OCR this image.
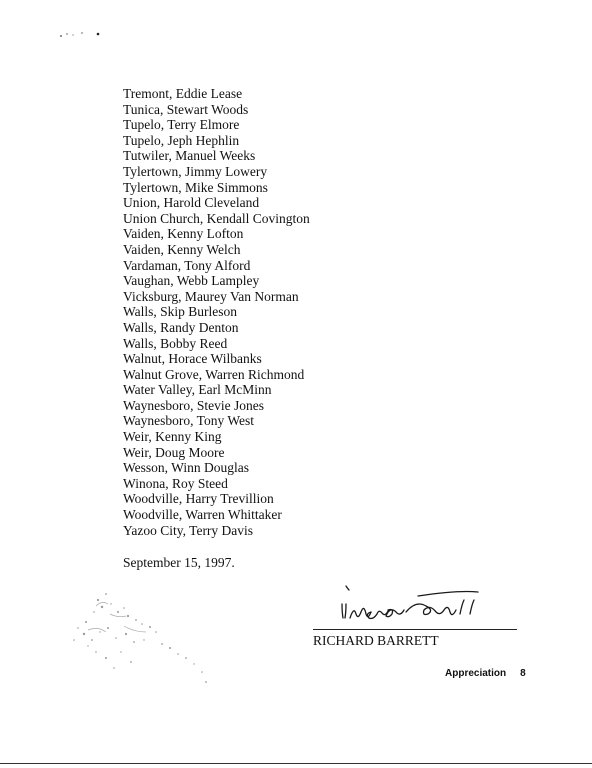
Tremont, Eddie Lease
Tunica, Stewart Woods
Tupelo, Terry Elmore
Tupelo, Jeph Hephlin
Tutwiler, Manuel Weeks
Tylertown, Jimmy Lowery
Tylertown, Mike Simmons
Union, Harold Cleveland
Union Church, Kendall Covington
Vaiden, Kenny Lofton
Vaiden, Kenny Welch
Vardaman, Tony Alford
Vaughan, Webb Lampley
Vicksburg, Maurey Van Norman
Walls, Skip Burleson
Walls, Randy Denton
Walls, Bobby Reed
Walnut, Horace Wilbanks
Walnut Grove, Warren Richmond
Water Valley, Earl McMinn
Waynesboro, Stevie Jones
Waynesboro, Tony West
Weir, Kenny King
Weir, Doug Moore
Wesson, Winn Douglas
Winona, Roy Steed
Woodville, Harry Trevillion
Woodville, Warren Whittaker
Yazoo City, Terry Davis
September 15, 1997.
RICHARD BARRETT
Appreciation 8
